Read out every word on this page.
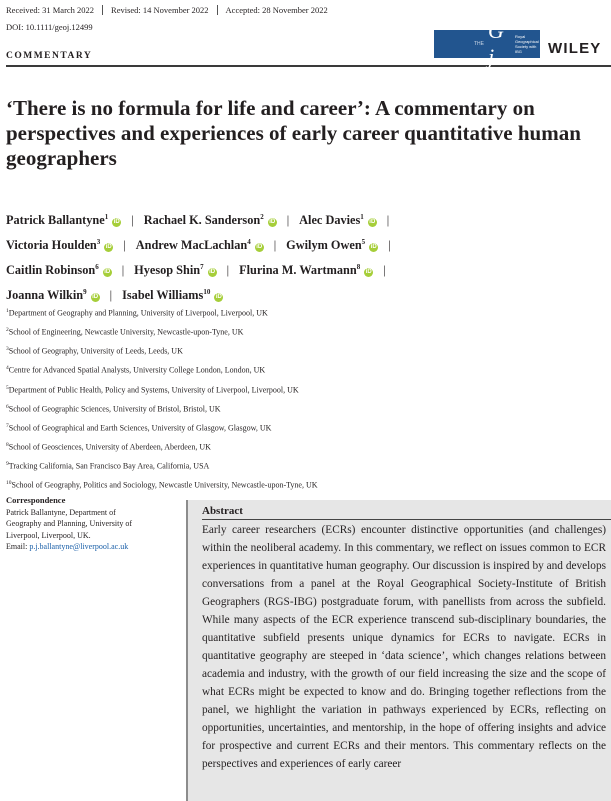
Received: 31 March 2022	Revised: 14 November 2022	Accepted: 28 November 2022
DOI: 10.1111/geoj.12499
COMMENTARY
THE
G j
Royal Geographical Society with IBG	WILEY
‘There is no formula for life and career’: A commentary on perspectives and experiences of early career quantitative human geographers
Patrick Ballantyne$^1$iD | Rachael K. Sanderson$^2$iD | Alec Davies$^1$iD |
Victoria Houlden$^3$iD | Andrew MacLachlan$^4$iD | Gwilym Owen$^5$iD |
Caitlin Robinson$^6$iD | Hyesop Shin$^7$iD | Flurina M. Wartmann$^8$iD |
Joanna Wilkin$^9$iD | Isabel Williams$^{10}$iD
$^1$Department of Geography and Planning, University of Liverpool, Liverpool, UK
$^2$School of Engineering, Newcastle University, Newcastle-upon-Tyne, UK
$^3$School of Geography, University of Leeds, Leeds, UK
$^4$Centre for Advanced Spatial Analysts, University College London, London, UK
$^5$Department of Public Health, Policy and Systems, University of Liverpool, Liverpool, UK
$^6$School of Geographic Sciences, University of Bristol, Bristol, UK
$^7$School of Geographical and Earth Sciences, University of Glasgow, Glasgow, UK
$^8$School of Geosciences, University of Aberdeen, Aberdeen, UK
$^9$Tracking California, San Francisco Bay Area, California, USA
$^{10}$School of Geography, Politics and Sociology, Newcastle University, Newcastle-upon-Tyne, UK
Correspondence
Patrick Ballantyne, Department of
Geography and Planning, University of
Liverpool, Liverpool, UK.
Email: p.j.ballantyne@liverpool.ac.uk
Abstract
Early career researchers (ECRs) encounter distinctive opportunities (and challenges) within the neoliberal academy. In this commentary, we reflect on issues common to ECR experiences in quantitative human geography. Our discussion is inspired by and develops conversations from a panel at the Royal Geographical Society-Institute of British Geographers (RGS-IBG) postgraduate forum, with panellists from across the subfield. While many aspects of the ECR experience transcend sub-disciplinary boundaries, the quantitative subfield presents unique dynamics for ECRs to navigate. ECRs in quantitative geography are steeped in ‘data science’, which changes relations between academia and industry, with the growth of our field increasing the size and the scope of what ECRs might be expected to know and do. Bringing together reflections from the panel, we highlight the variation in pathways experienced by ECRs, reflecting on opportunities, uncertainties, and mentorship, in the hope of offering insights and advice for prospective and current ECRs and their mentors. This commentary reflects on the perspectives and experiences of early career
